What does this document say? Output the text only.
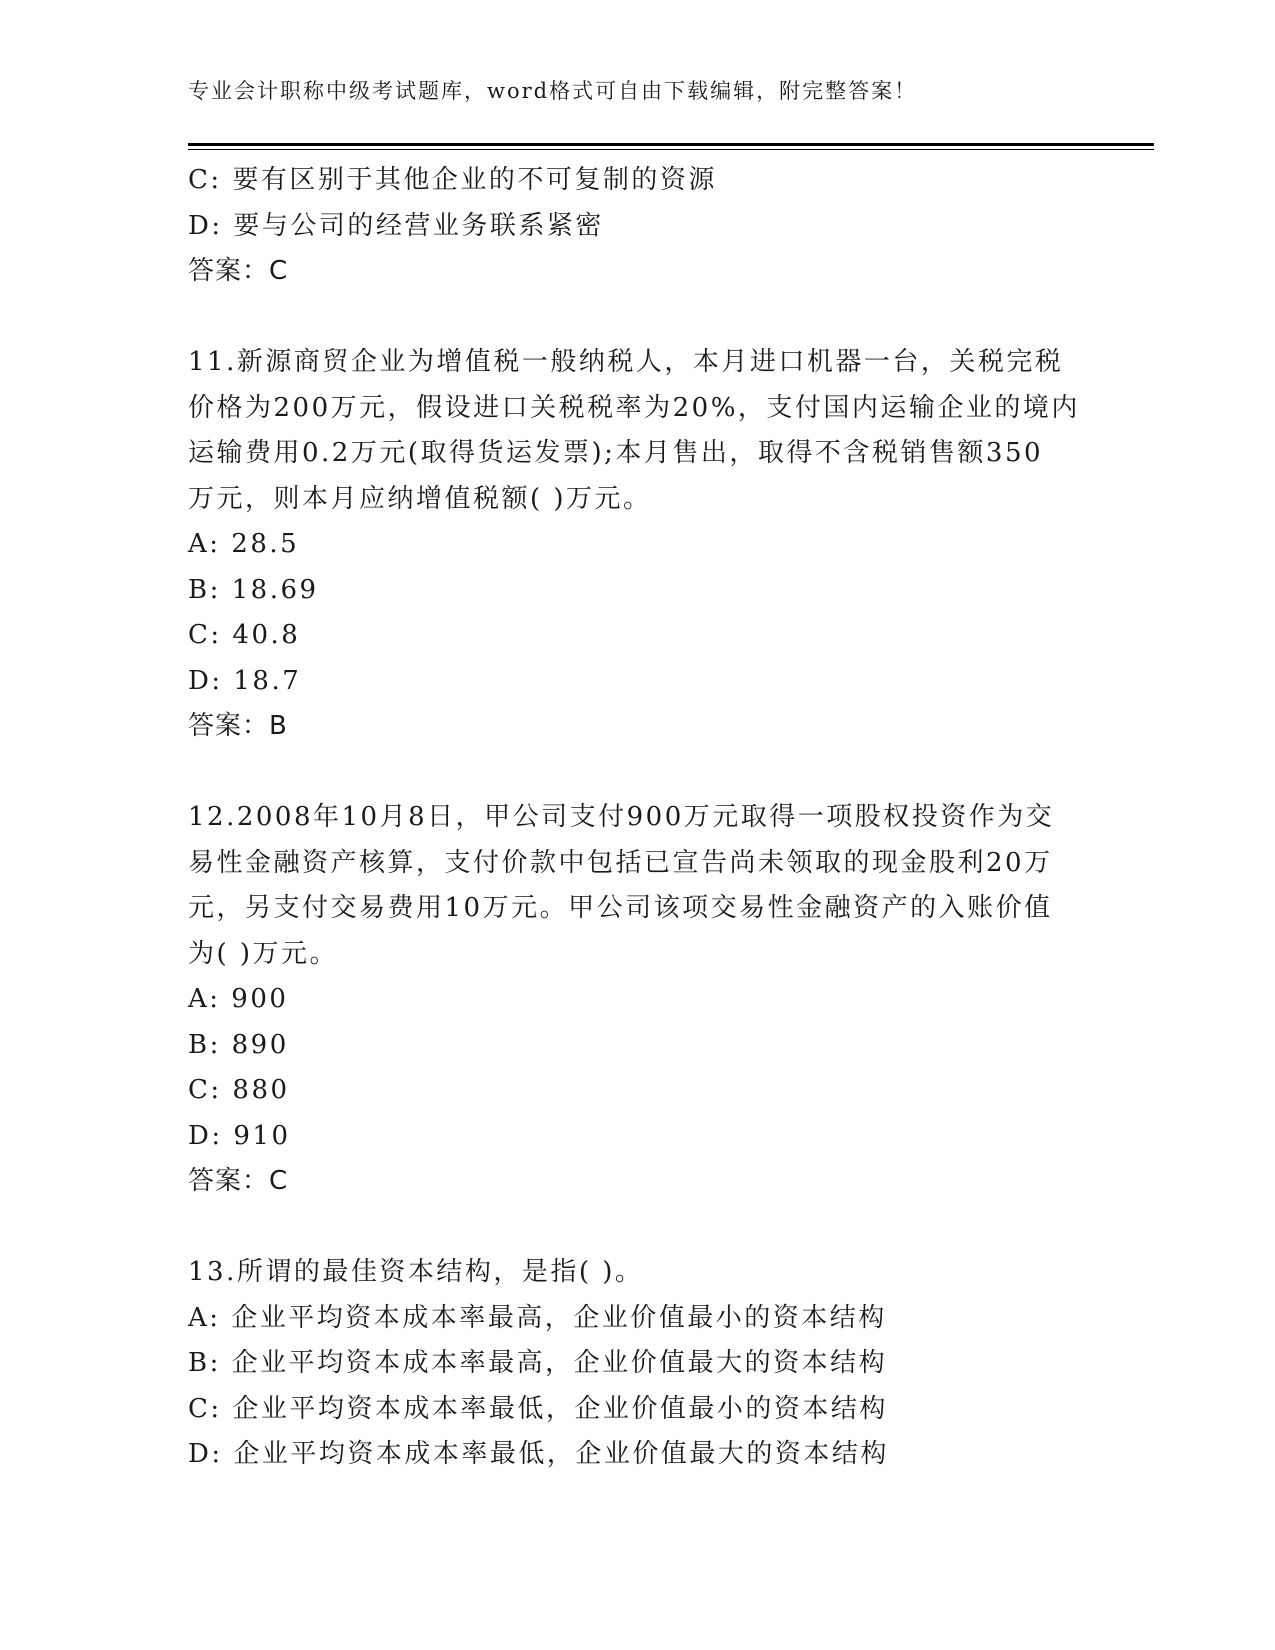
专业会计职称中级考试题库，word格式可自由下载编辑，附完整答案！
C: 要有区别于其他企业的不可复制的资源
D: 要与公司的经营业务联系紧密
答案：C
11.新源商贸企业为增值税一般纳税人，本月进口机器一台，关税完税
价格为200万元，假设进口关税税率为20%，支付国内运输企业的境内
运输费用0.2万元(取得货运发票);本月售出，取得不含税销售额350
万元，则本月应纳增值税额( )万元。
A: 28.5
B: 18.69
C: 40.8
D: 18.7
答案：B
12.2008年10月8日，甲公司支付900万元取得一项股权投资作为交
易性金融资产核算，支付价款中包括已宣告尚未领取的现金股利20万
元，另支付交易费用10万元。甲公司该项交易性金融资产的入账价值
为( )万元。
A: 900
B: 890
C: 880
D: 910
答案：C
13.所谓的最佳资本结构，是指( )。
A: 企业平均资本成本率最高，企业价值最小的资本结构
B: 企业平均资本成本率最高，企业价值最大的资本结构
C: 企业平均资本成本率最低，企业价值最小的资本结构
D: 企业平均资本成本率最低，企业价值最大的资本结构
